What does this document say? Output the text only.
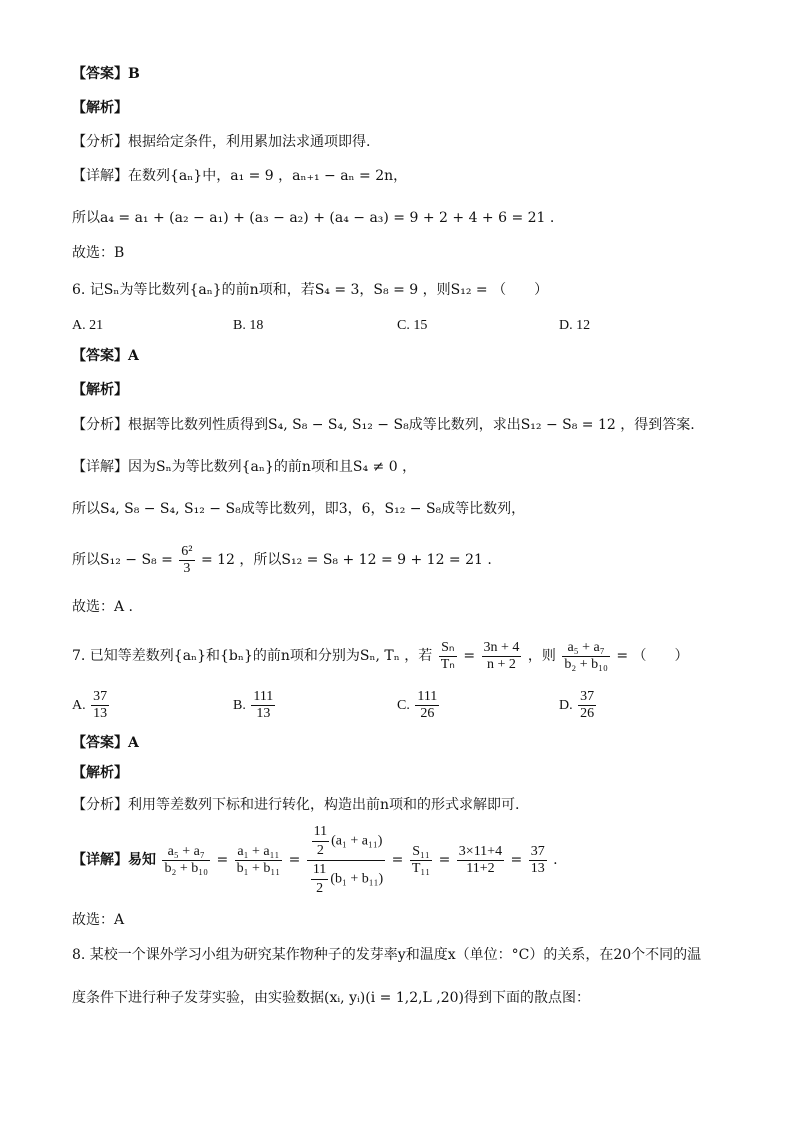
【答案】B
【解析】
【分析】根据给定条件，利用累加法求通项即得.
【详解】在数列{aₙ}中，a₁ = 9 ，aₙ₊₁ − aₙ = 2n，
所以a₄ = a₁ + (a₂ − a₁) + (a₃ − a₂) + (a₄ − a₃) = 9 + 2 + 4 + 6 = 21 .
故选：B
6. 记Sₙ为等比数列{aₙ}的前n项和，若S₄ = 3，S₈ = 9 ，则S₁₂ = （　　）
A. 21	B. 18	C. 15	D. 12
【答案】A
【解析】
【分析】根据等比数列性质得到S₄, S₈ − S₄, S₁₂ − S₈成等比数列，求出S₁₂ − S₈ = 12 ，得到答案.
【详解】因为Sₙ为等比数列{aₙ}的前n项和且S₄ ≠ 0 ，
所以S₄, S₈ − S₄, S₁₂ − S₈成等比数列，即3，6，S₁₂ − S₈成等比数列，
所以$S_{12} - S_8 = \frac{\text{6²}}{3} = 12$ ，所以S₁₂ = S₈ + 12 = 9 + 12 = 21 .
故选：A .
7. 已知等差数列{aₙ}和{bₙ}的前n项和分别为Sₙ, Tₙ ，若 $\frac{\text{Sₙ}}{\text{Tₙ}} = \frac{3n + 4}{n + 2}$ ，则 $\frac{\text{a₅ + a₇}}{\text{b₂ + b₁₀}}$ = （　　）
A. $\frac{37}{13}$	B. $\frac{111}{13}$	C. $\frac{111}{26}$	D. $\frac{37}{26}$
【答案】A
【解析】
【分析】利用等差数列下标和进行转化，构造出前n项和的形式求解即可.
【详解】易知 $\frac{\text{a₅ + a₇}}{\text{b₂ + b₁₀}} = \frac{\text{a₁ + a₁₁}}{\text{b₁ + b₁₁}} = \frac{\frac{11}{2} (a_1 + a_{11})}{\frac{11}{2} (b_1 + b_{11})} = \frac{\text{S₁₁}}{\text{T₁₁}} = \frac{3\times 11+4}{11+2} = \frac{37}{13}$ .
故选：A
8. 某校一个课外学习小组为研究某作物种子的发芽率y和温度x（单位：°C）的关系，在20个不同的温
度条件下进行种子发芽实验，由实验数据(xᵢ, yᵢ)(i = 1,2,L ,20)得到下面的散点图：
